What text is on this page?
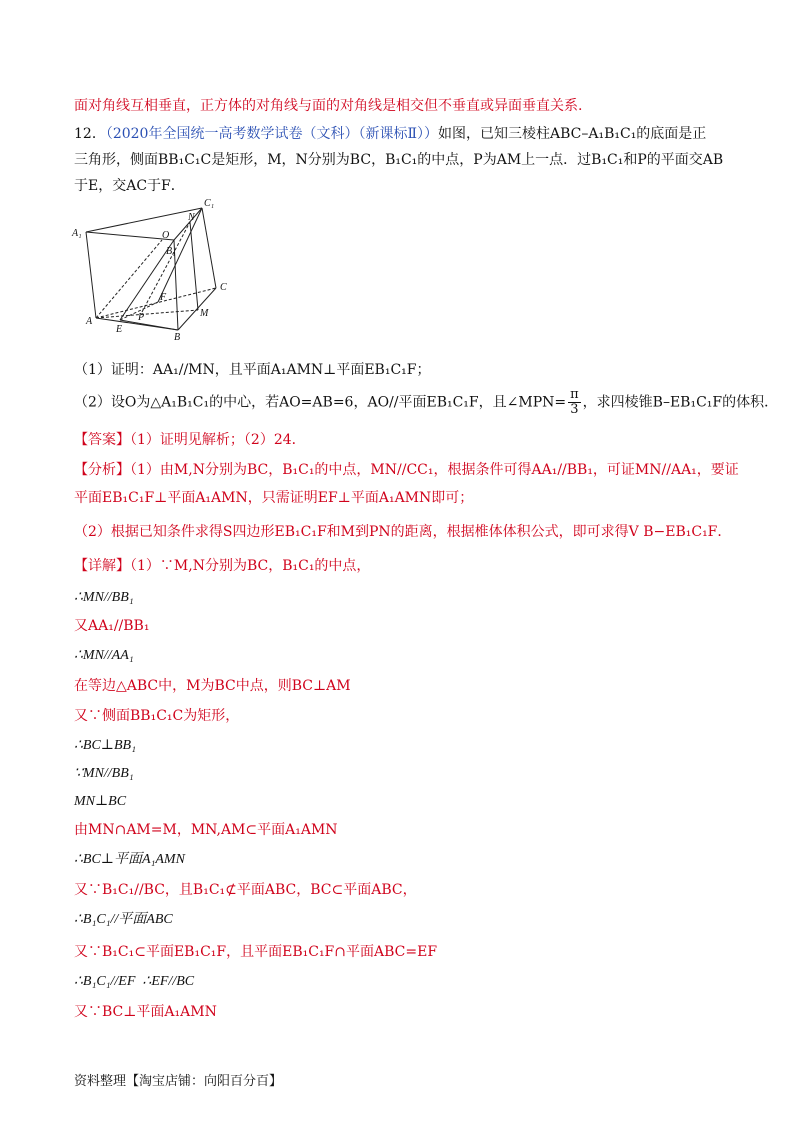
面对角线互相垂直，正方体的对角线与面的对角线是相交但不垂直或异面垂直关系.
12．（2020年全国统一高考数学试卷（文科）（新课标Ⅱ））如图，已知三棱柱ABC–A₁B₁C₁的底面是正
三角形，侧面BB₁C₁C是矩形，M，N分别为BC，B₁C₁的中点，P为AM上一点．过B₁C₁和P的平面交AB
于E，交AC于F．
A₁
C₁
N
O
B₁
F
P
A
E
B
M
C
（1）证明：AA₁//MN，且平面A₁AMN⊥平面EB₁C₁F；
（2）设O为△A₁B₁C₁的中心，若AO=AB=6，AO//平面EB₁C₁F，且∠MPN= $\frac{\pi}{3}$ ，求四棱锥B–EB₁C₁F的体积．
【答案】（1）证明见解析；（2）24．
【分析】（1）由M,N分别为BC，B₁C₁的中点，MN//CC₁，根据条件可得AA₁//BB₁，可证MN//AA₁，要证
平面EB₁C₁F⊥平面A₁AMN，只需证明EF⊥平面A₁AMN即可；
（2）根据已知条件求得S四边形EB₁C₁F和M到PN的距离，根据椎体体积公式，即可求得V B−EB₁C₁F．
【详解】（1）∵M,N分别为BC，B₁C₁的中点，
∴MN//BB₁
又AA₁//BB₁
∴MN//AA₁
在等边△ABC中，M为BC中点，则BC⊥AM
又∵侧面BB₁C₁C为矩形，
∴BC⊥BB₁
∵MN//BB₁
MN⊥BC
由MN∩AM=M，MN,AM⊂平面A₁AMN
∴BC⊥平面A₁AMN
又∵B₁C₁//BC，且B₁C₁⊄平面ABC，BC⊂平面ABC，
∴B₁C₁//平面ABC
又∵B₁C₁⊂平面EB₁C₁F，且平面EB₁C₁F∩平面ABC=EF
∴B₁C₁//EF ∴EF//BC
又∵BC⊥平面A₁AMN
资料整理【淘宝店铺：向阳百分百】
